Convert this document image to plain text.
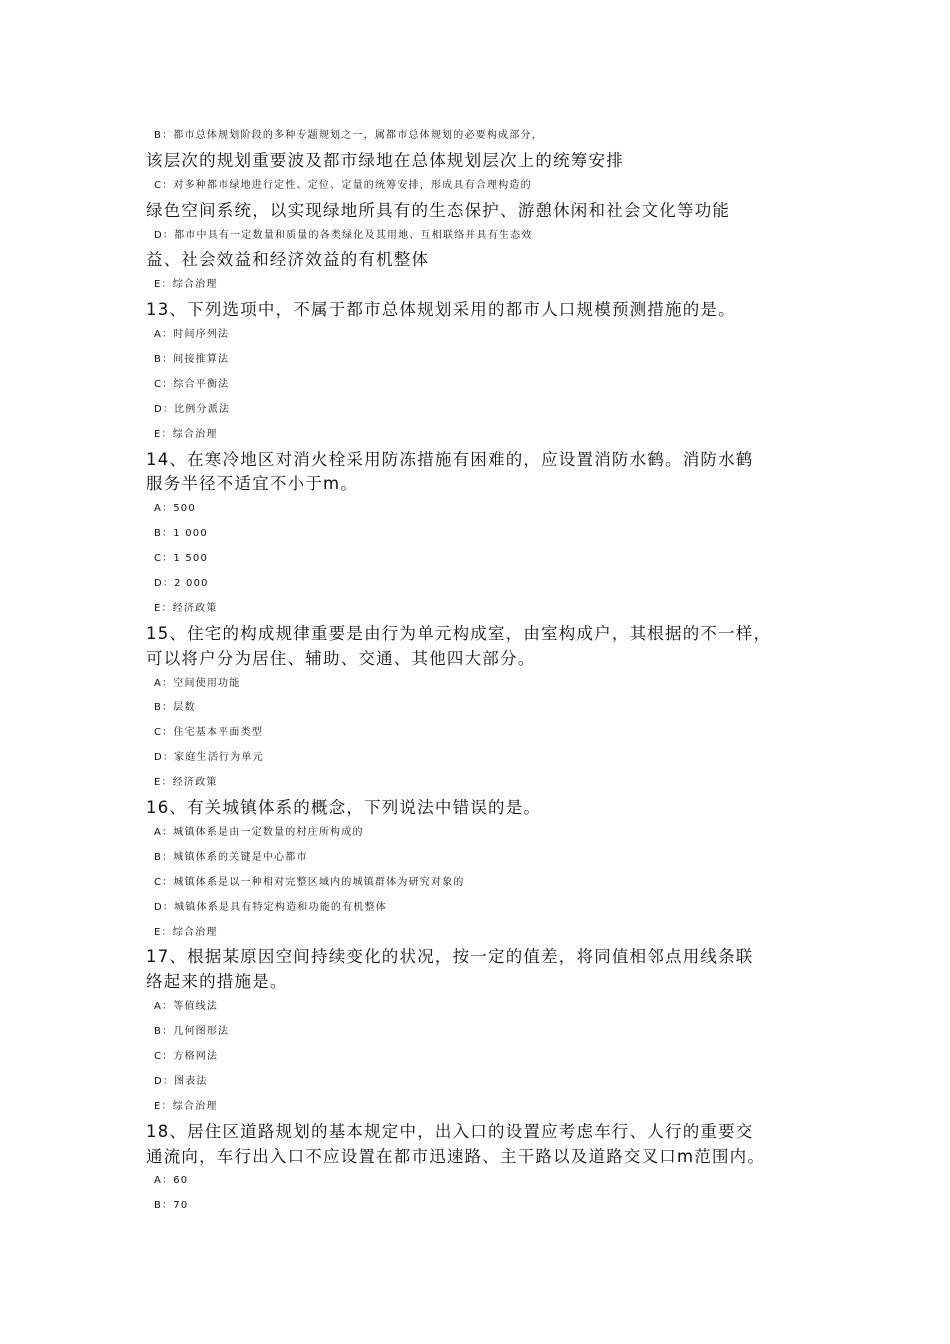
B：都市总体规划阶段的多种专题规划之一，属都市总体规划的必要构成部分，
该层次的规划重要波及都市绿地在总体规划层次上的统筹安排
C：对多种都市绿地进行定性、定位、定量的统筹安排，形成具有合理构造的
绿色空间系统，以实现绿地所具有的生态保护、游憩休闲和社会文化等功能
D：都市中具有一定数量和质量的各类绿化及其用地、互相联络并具有生态效
益、社会效益和经济效益的有机整体
E：综合治理
13、下列选项中，不属于都市总体规划采用的都市人口规模预测措施的是。
A：时间序列法
B：间接推算法
C：综合平衡法
D：比例分派法
E：综合治理
14、在寒冷地区对消火栓采用防冻措施有困难的，应设置消防水鹤。消防水鹤
服务半径不适宜不小于m。
A：500
B：1 000
C：1 500
D：2 000
E：经济政策
15、住宅的构成规律重要是由行为单元构成室，由室构成户，其根据的不一样，
可以将户分为居住、辅助、交通、其他四大部分。
A：空间使用功能
B：层数
C：住宅基本平面类型
D：家庭生活行为单元
E：经济政策
16、有关城镇体系的概念，下列说法中错误的是。
A：城镇体系是由一定数量的村庄所构成的
B：城镇体系的关键是中心都市
C：城镇体系是以一种相对完整区域内的城镇群体为研究对象的
D：城镇体系是具有特定构造和功能的有机整体
E：综合治理
17、根据某原因空间持续变化的状况，按一定的值差，将同值相邻点用线条联
络起来的措施是。
A：等值线法
B：几何图形法
C：方格网法
D：图表法
E：综合治理
18、居住区道路规划的基本规定中，出入口的设置应考虑车行、人行的重要交
通流向，车行出入口不应设置在都市迅速路、主干路以及道路交叉口m范围内。
A：60
B：70
